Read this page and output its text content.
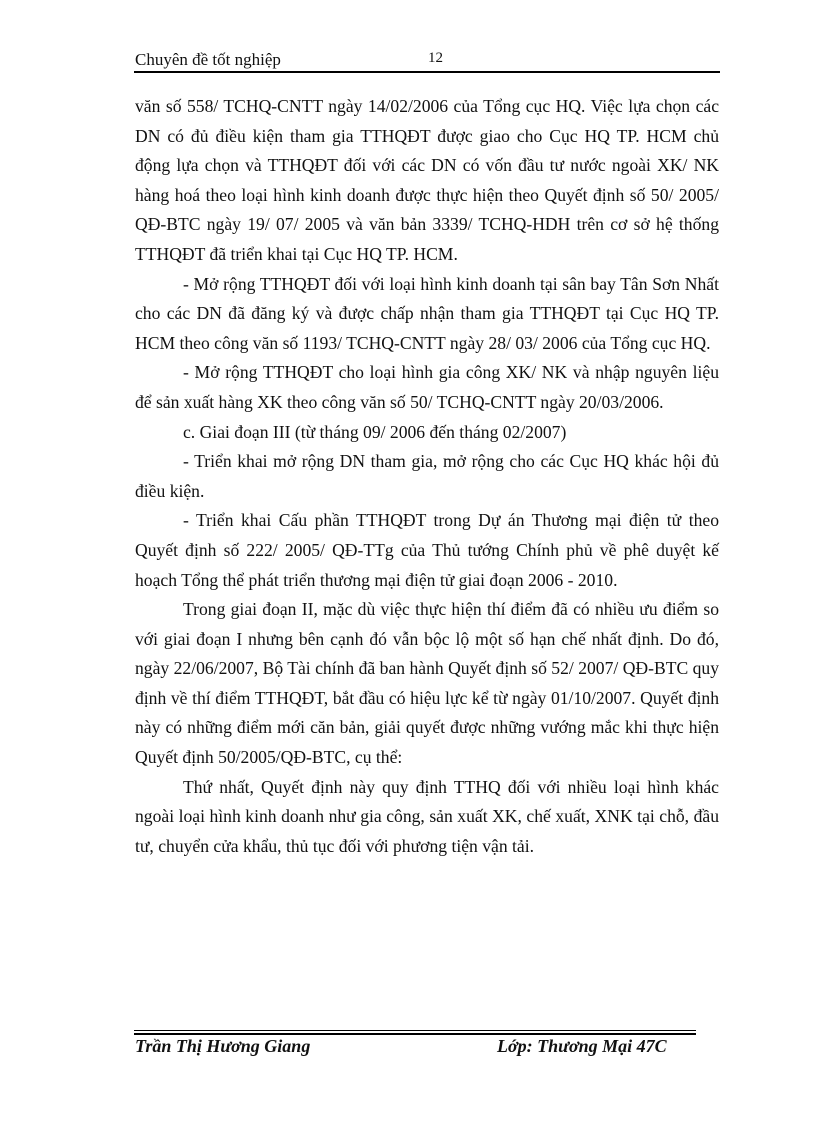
Chuyên đề tốt nghiệp	12

văn số 558/ TCHQ-CNTT ngày 14/02/2006 của Tổng cục HQ. Việc lựa chọn các DN có đủ điều kiện tham gia TTHQĐT được giao cho Cục HQ TP. HCM chủ động lựa chọn và TTHQĐT đối với các DN có vốn đầu tư nước ngoài XK/ NK hàng hoá theo loại hình kinh doanh được thực hiện theo Quyết định số 50/ 2005/ QĐ-BTC ngày 19/ 07/ 2005 và văn bản 3339/ TCHQ-HDH trên cơ sở hệ thống TTHQĐT đã triển khai tại Cục HQ TP. HCM.

- Mở rộng TTHQĐT đối với loại hình kinh doanh tại sân bay Tân Sơn Nhất cho các DN đã đăng ký và được chấp nhận tham gia TTHQĐT tại Cục HQ TP. HCM theo công văn số 1193/ TCHQ-CNTT ngày 28/ 03/ 2006 của Tổng cục HQ.

- Mở rộng TTHQĐT cho loại hình gia công XK/ NK và nhập nguyên liệu để sản xuất hàng XK theo công văn số 50/ TCHQ-CNTT ngày 20/03/2006.

c. Giai đoạn III (từ tháng 09/ 2006 đến tháng 02/2007)

- Triển khai mở rộng DN tham gia, mở rộng cho các Cục HQ khác hội đủ điều kiện.

- Triển khai Cấu phần TTHQĐT trong Dự án Thương mại điện tử theo Quyết định số 222/ 2005/ QĐ-TTg của Thủ tướng Chính phủ về phê duyệt kế hoạch Tổng thể phát triển thương mại điện tử giai đoạn 2006 - 2010.

Trong giai đoạn II, mặc dù việc thực hiện thí điểm đã có nhiều ưu điểm so với giai đoạn I nhưng bên cạnh đó vẫn bộc lộ một số hạn chế nhất định. Do đó, ngày 22/06/2007, Bộ Tài chính đã ban hành Quyết định số 52/ 2007/ QĐ-BTC quy định về thí điểm TTHQĐT, bắt đầu có hiệu lực kể từ ngày 01/10/2007. Quyết định này có những điểm mới căn bản, giải quyết được những vướng mắc khi thực hiện Quyết định 50/2005/QĐ-BTC, cụ thể:

Thứ nhất, Quyết định này quy định TTHQ đối với nhiều loại hình khác ngoài loại hình kinh doanh như gia công, sản xuất XK, chế xuất, XNK tại chỗ, đầu tư, chuyển cửa khẩu, thủ tục đối với phương tiện vận tải.

Trần Thị Hương Giang	Lớp: Thương Mại 47C
